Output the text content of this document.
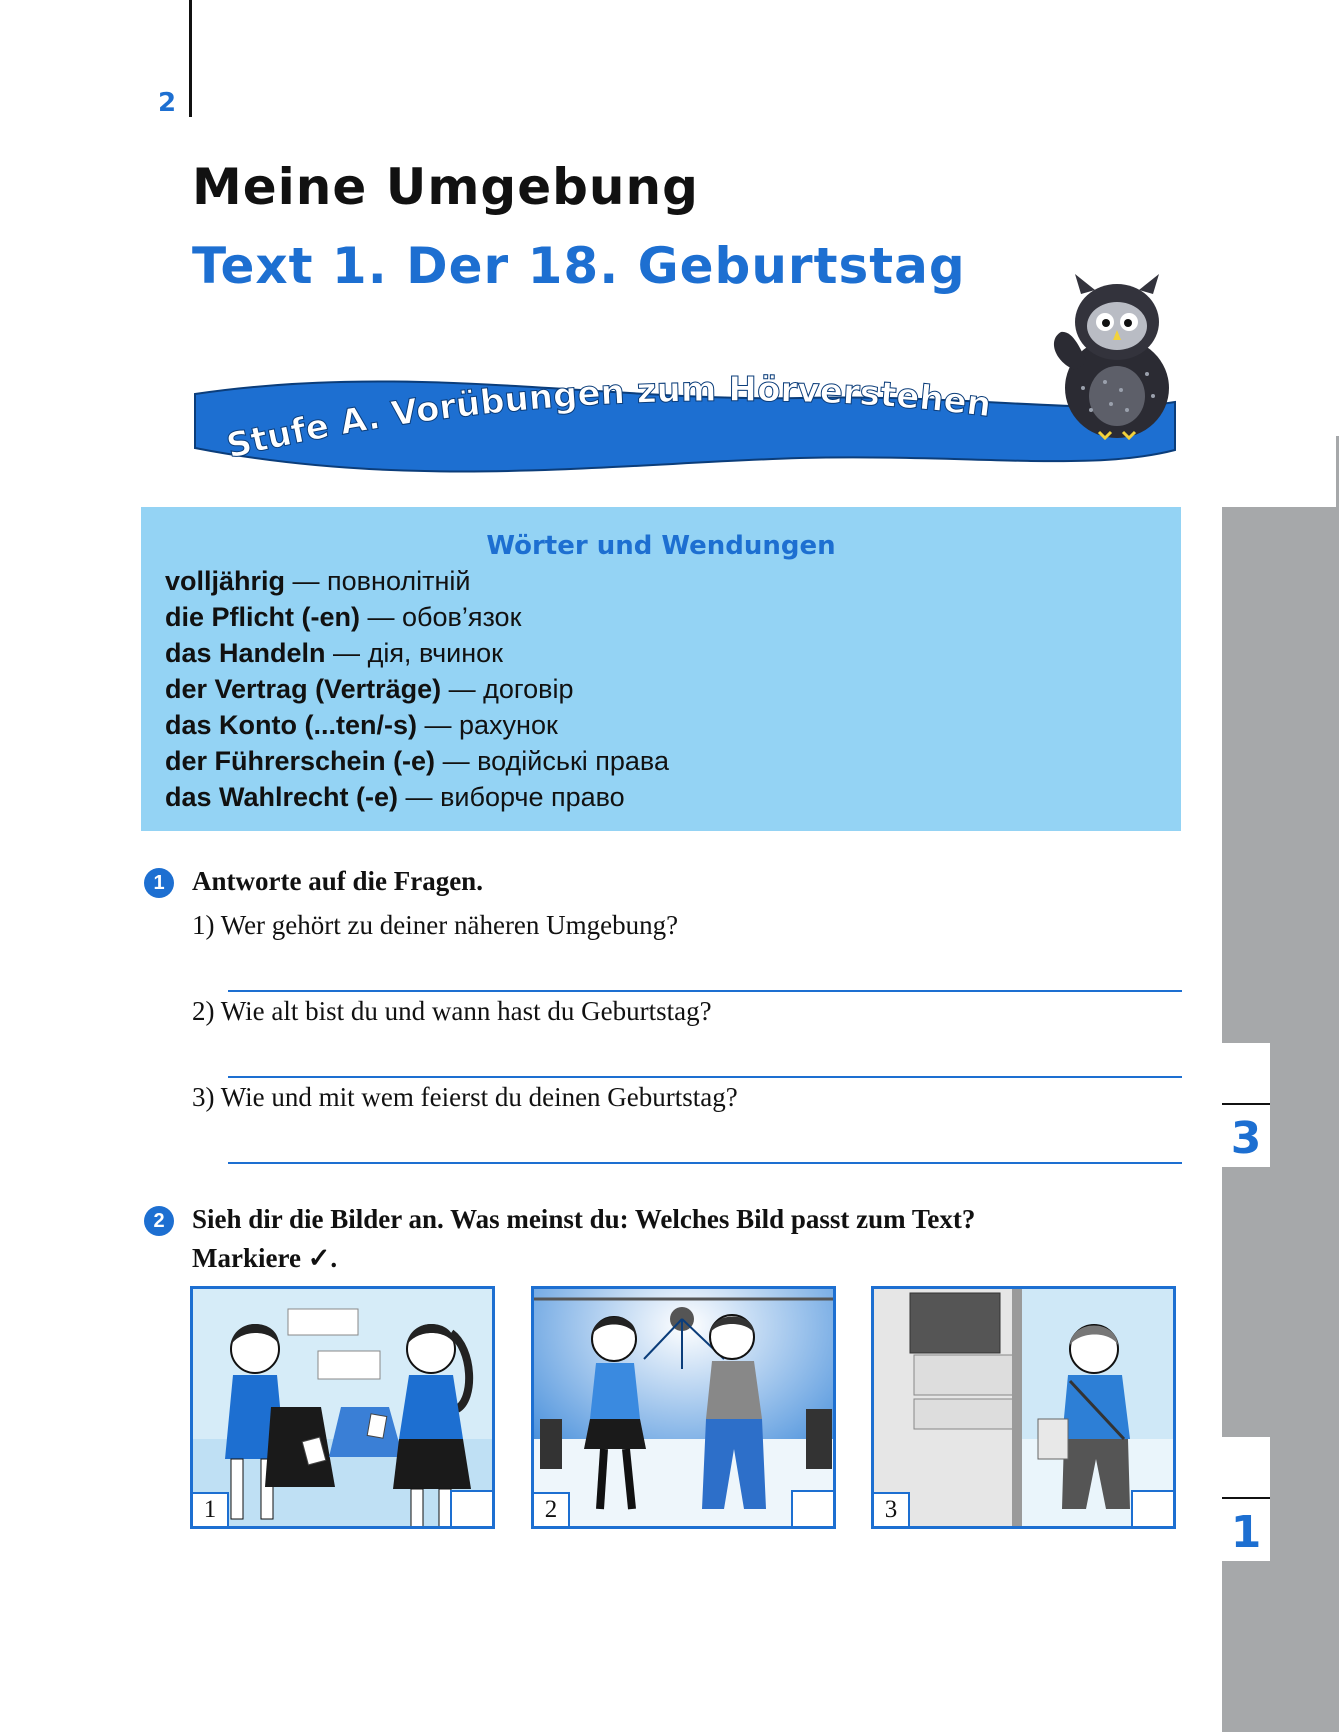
2
Meine Umgebung
Text 1. Der 18. Geburtstag
Stufe A. Vorübungen zum Hörverstehen
Wörter und Wendungen
volljährig — повнолітній
die Pflicht (-en) — обов’язок
das Handeln — дія, вчинок
der Vertrag (Verträge) — договір
das Konto (...ten/-s) — рахунок
der Führerschein (-e) — водійські права
das Wahlrecht (-e) — виборче право
1	Antworte auf die Fragen.
1) Wer gehört zu deiner näheren Umgebung?
2) Wie alt bist du und wann hast du Geburtstag?
3) Wie und mit wem feierst du deinen Geburtstag?
2	Sieh dir die Bilder an. Was meinst du: Welches Bild passt zum Text?
Markiere ✓.
1	2	3
3
1
